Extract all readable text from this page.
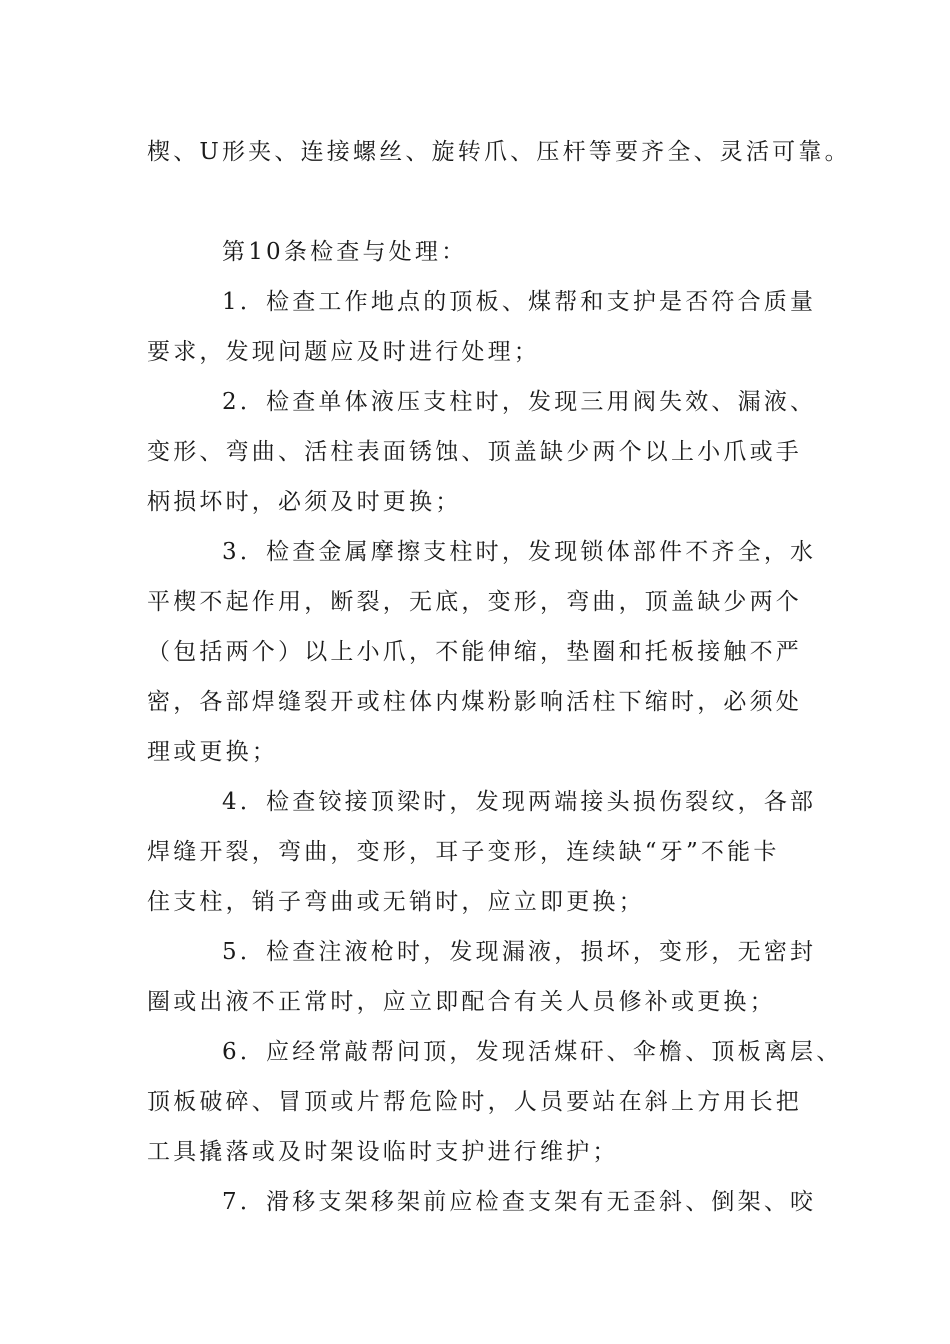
楔、U形夹、连接螺丝、旋转爪、压杆等要齐全、灵活可靠。
第10条检查与处理：
1．检查工作地点的顶板、煤帮和支护是否符合质量
要求，发现问题应及时进行处理；
2．检查单体液压支柱时，发现三用阀失效、漏液、
变形、弯曲、活柱表面锈蚀、顶盖缺少两个以上小爪或手
柄损坏时，必须及时更换；
3．检查金属摩擦支柱时，发现锁体部件不齐全，水
平楔不起作用，断裂，无底，变形，弯曲，顶盖缺少两个
（包括两个）以上小爪，不能伸缩，垫圈和托板接触不严
密，各部焊缝裂开或柱体内煤粉影响活柱下缩时，必须处
理或更换；
4．检查铰接顶梁时，发现两端接头损伤裂纹，各部
焊缝开裂，弯曲，变形，耳子变形，连续缺“牙”不能卡
住支柱，销子弯曲或无销时，应立即更换；
5．检查注液枪时，发现漏液，损坏，变形，无密封
圈或出液不正常时，应立即配合有关人员修补或更换；
6．应经常敲帮问顶，发现活煤矸、伞檐、顶板离层、
顶板破碎、冒顶或片帮危险时，人员要站在斜上方用长把
工具撬落或及时架设临时支护进行维护；
7．滑移支架移架前应检查支架有无歪斜、倒架、咬
